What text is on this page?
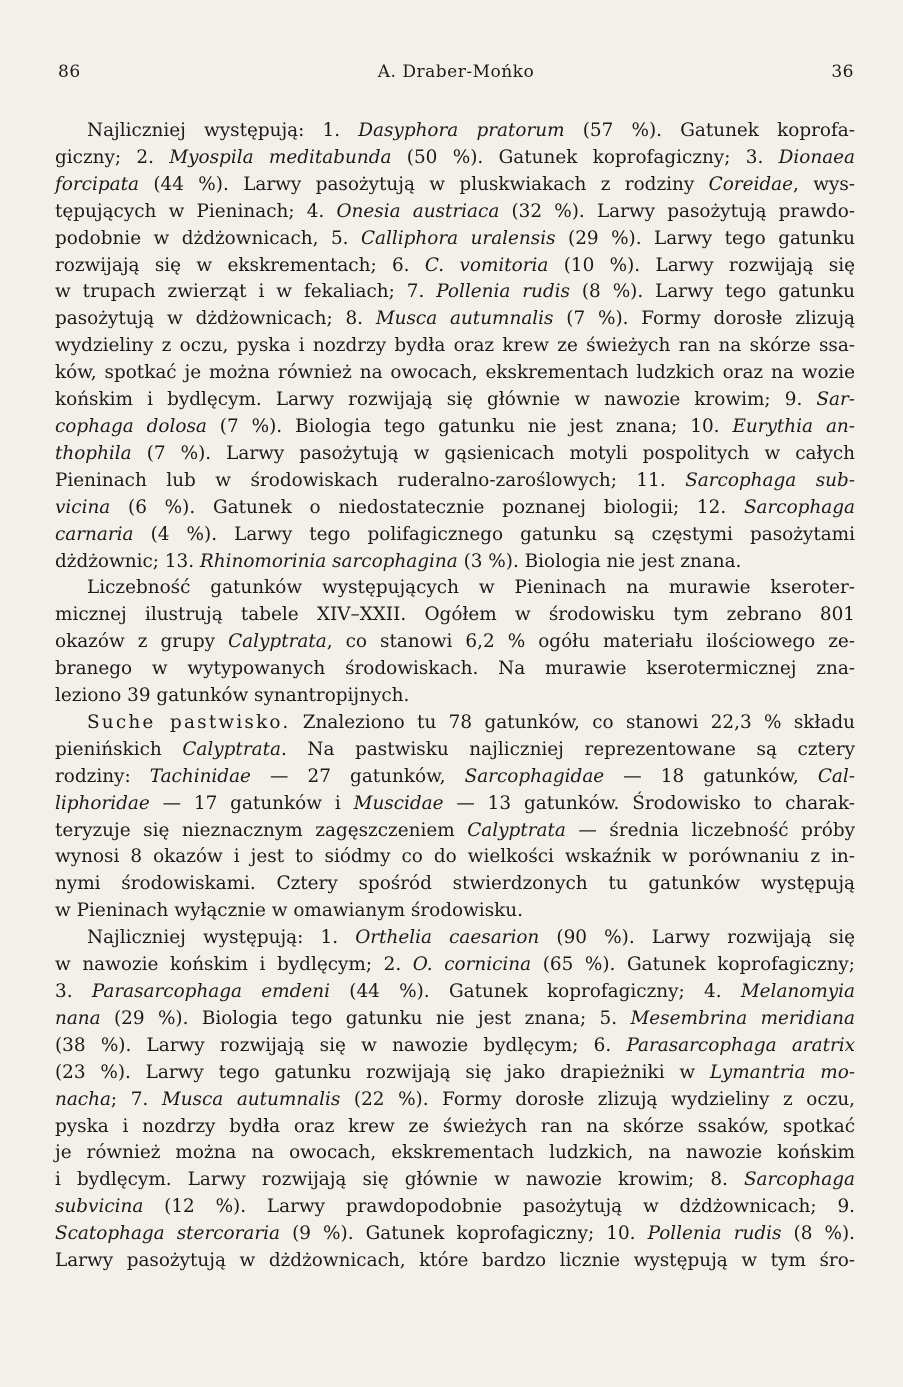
86	A. Draber-Mońko	36
Najliczniej występują: 1. Dasyphora pratorum (57 %). Gatunek koprofa-
giczny; 2. Myospila meditabunda (50 %). Gatunek koprofagiczny; 3. Dionaea
forcipata (44 %). Larwy pasożytują w pluskwiakach z rodziny Coreidae, wys-
tępujących w Pieninach; 4. Onesia austriaca (32 %). Larwy pasożytują prawdo-
podobnie w dżdżownicach, 5. Calliphora uralensis (29 %). Larwy tego gatunku
rozwijają się w ekskrementach; 6. C. vomitoria (10 %). Larwy rozwijają się
w trupach zwierząt i w fekaliach; 7. Pollenia rudis (8 %). Larwy tego gatunku
pasożytują w dżdżownicach; 8. Musca autumnalis (7 %). Formy dorosłe zlizują
wydzieliny z oczu, pyska i nozdrzy bydła oraz krew ze świeżych ran na skórze ssa-
ków, spotkać je można również na owocach, ekskrementach ludzkich oraz na wozie
końskim i bydlęcym. Larwy rozwijają się głównie w nawozie krowim; 9. Sar-
cophaga dolosa (7 %). Biologia tego gatunku nie jest znana; 10. Eurythia an-
thophila (7 %). Larwy pasożytują w gąsienicach motyli pospolitych w całych
Pieninach lub w środowiskach ruderalno-zaroślowych; 11. Sarcophaga sub-
vicina (6 %). Gatunek o niedostatecznie poznanej biologii; 12. Sarcophaga
carnaria (4 %). Larwy tego polifagicznego gatunku są częstymi pasożytami
dżdżownic; 13. Rhinomorinia sarcophagina (3 %). Biologia nie jest znana.
Liczebność gatunków występujących w Pieninach na murawie kseroter-
micznej ilustrują tabele XIV–XXII. Ogółem w środowisku tym zebrano 801
okazów z grupy Calyptrata, co stanowi 6,2 % ogółu materiału ilościowego ze-
branego w wytypowanych środowiskach. Na murawie kserotermicznej zna-
leziono 39 gatunków synantropijnych.
Suche pastwisko. Znaleziono tu 78 gatunków, co stanowi 22,3 % składu
pienińskich Calyptrata. Na pastwisku najliczniej reprezentowane są cztery
rodziny: Tachinidae — 27 gatunków, Sarcophagidae — 18 gatunków, Cal-
liphoridae — 17 gatunków i Muscidae — 13 gatunków. Środowisko to charak-
teryzuje się nieznacznym zagęszczeniem Calyptrata — średnia liczebność próby
wynosi 8 okazów i jest to siódmy co do wielkości wskaźnik w porównaniu z in-
nymi środowiskami. Cztery spośród stwierdzonych tu gatunków występują
w Pieninach wyłącznie w omawianym środowisku.
Najliczniej występują: 1. Orthelia caesarion (90 %). Larwy rozwijają się
w nawozie końskim i bydlęcym; 2. O. cornicina (65 %). Gatunek koprofagiczny;
3. Parasarcophaga emdeni (44 %). Gatunek koprofagiczny; 4. Melanomyia
nana (29 %). Biologia tego gatunku nie jest znana; 5. Mesembrina meridiana
(38 %). Larwy rozwijają się w nawozie bydlęcym; 6. Parasarcophaga aratrix
(23 %). Larwy tego gatunku rozwijają się jako drapieżniki w Lymantria mo-
nacha; 7. Musca autumnalis (22 %). Formy dorosłe zlizują wydzieliny z oczu,
pyska i nozdrzy bydła oraz krew ze świeżych ran na skórze ssaków, spotkać
je również można na owocach, ekskrementach ludzkich, na nawozie końskim
i bydlęcym. Larwy rozwijają się głównie w nawozie krowim; 8. Sarcophaga
subvicina (12 %). Larwy prawdopodobnie pasożytują w dżdżownicach; 9.
Scatophaga stercoraria (9 %). Gatunek koprofagiczny; 10. Pollenia rudis (8 %).
Larwy pasożytują w dżdżownicach, które bardzo licznie występują w tym śro-
